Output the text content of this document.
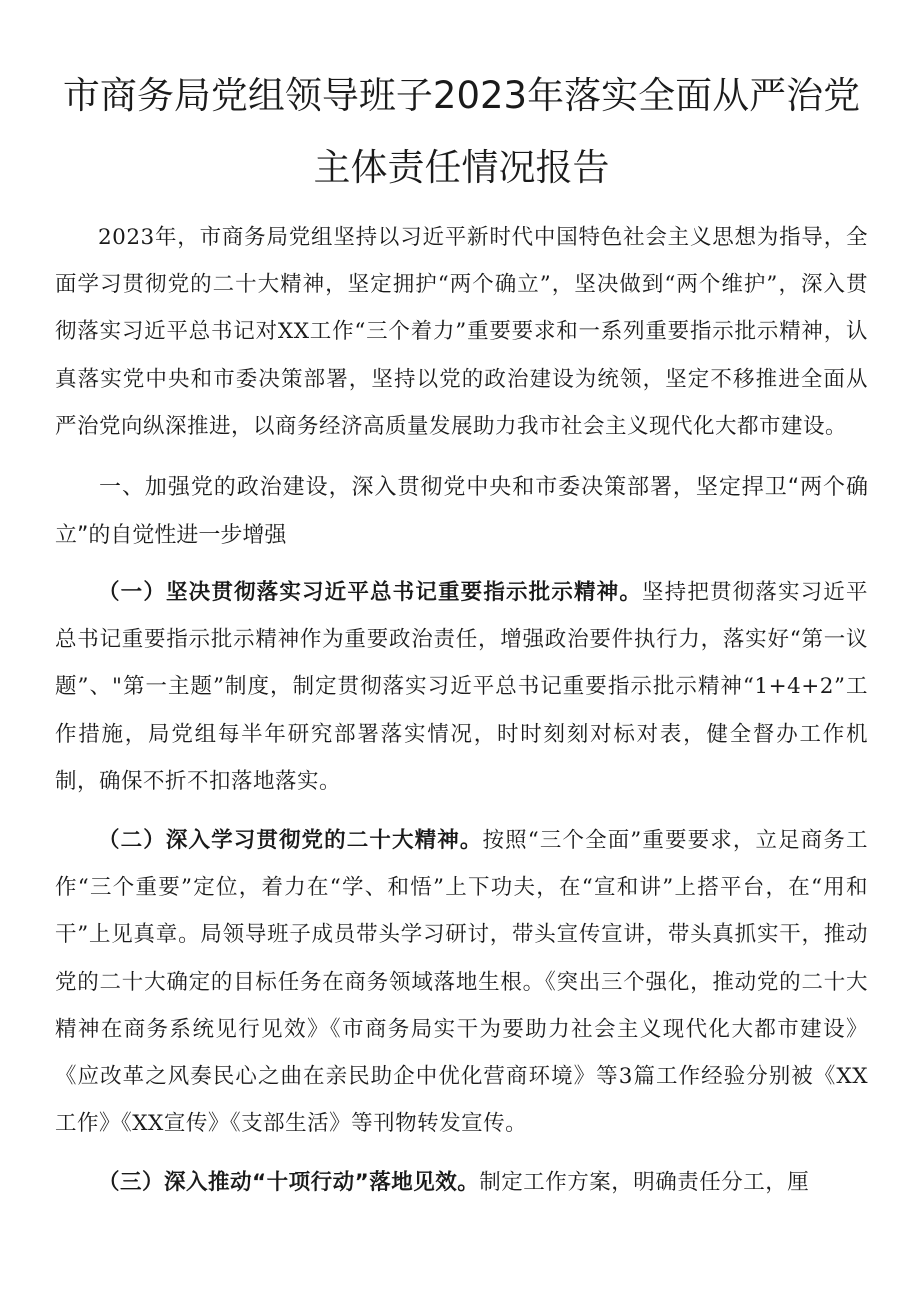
市商务局党组领导班子2023年落实全面从严治党主体责任情况报告

2023年，市商务局党组坚持以习近平新时代中国特色社会主义思想为指导，全面学习贯彻党的二十大精神，坚定拥护“两个确立”，坚决做到“两个维护”，深入贯彻落实习近平总书记对XX工作“三个着力”重要要求和一系列重要指示批示精神，认真落实党中央和市委决策部署，坚持以党的政治建设为统领，坚定不移推进全面从严治党向纵深推进，以商务经济高质量发展助力我市社会主义现代化大都市建设。

一、加强党的政治建设，深入贯彻党中央和市委决策部署，坚定捍卫“两个确立”的自觉性进一步增强

（一）坚决贯彻落实习近平总书记重要指示批示精神。坚持把贯彻落实习近平总书记重要指示批示精神作为重要政治责任，增强政治要件执行力，落实好“第一议题”、"第一主题”制度，制定贯彻落实习近平总书记重要指示批示精神“1+4+2”工作措施，局党组每半年研究部署落实情况，时时刻刻对标对表，健全督办工作机制，确保不折不扣落地落实。

（二）深入学习贯彻党的二十大精神。按照“三个全面”重要要求，立足商务工作“三个重要”定位，着力在“学、和悟”上下功夫，在“宣和讲”上搭平台，在“用和干”上见真章。局领导班子成员带头学习研讨，带头宣传宣讲，带头真抓实干，推动党的二十大确定的目标任务在商务领域落地生根。《突出三个强化，推动党的二十大精神在商务系统见行见效》《市商务局实干为要助力社会主义现代化大都市建设》《应改革之风奏民心之曲在亲民助企中优化营商环境》等3篇工作经验分别被《XX工作》《XX宣传》《支部生活》等刊物转发宣传。

（三）深入推动“十项行动”落地见效。制定工作方案，明确责任分工，厘
